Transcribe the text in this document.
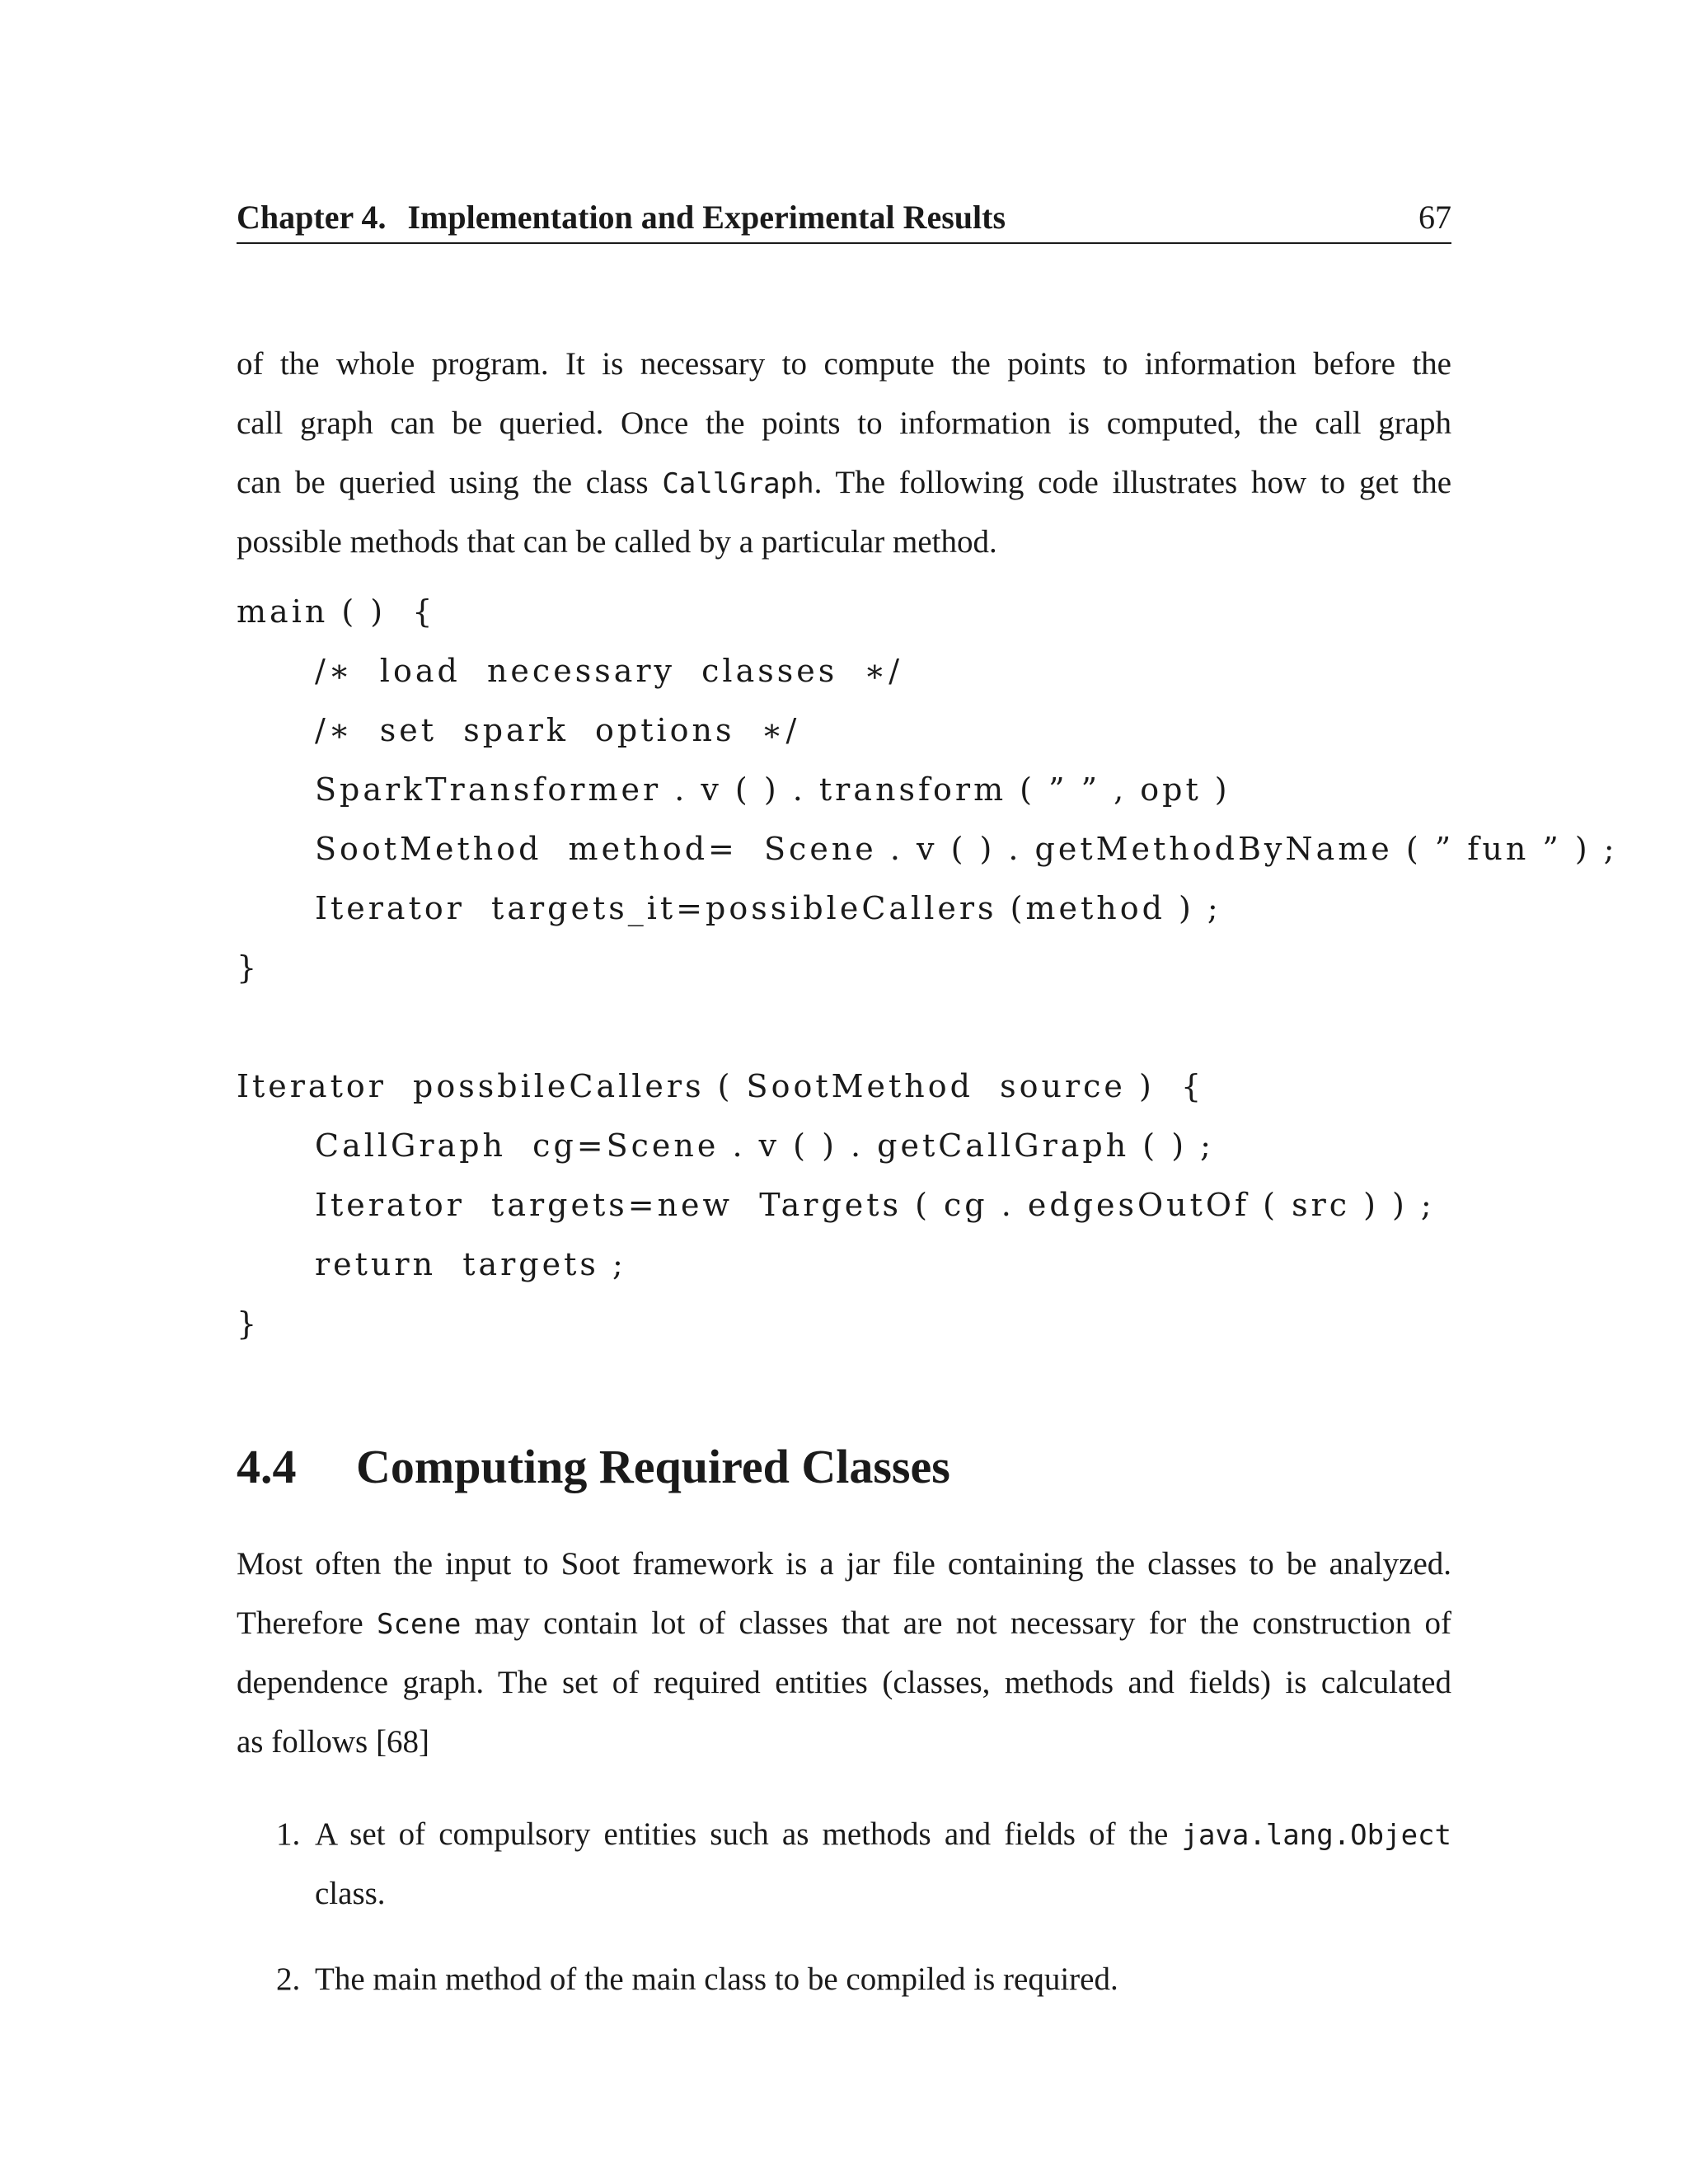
Chapter 4. Implementation and Experimental Results	67
of the whole program. It is necessary to compute the points to information before the
call graph can be queried. Once the points to information is computed, the call graph
can be queried using the class CallGraph. The following code illustrates how to get the
possible methods that can be called by a particular method.
main ( )  {
/∗  load  necessary  classes  ∗/
/∗  set  spark  options  ∗/
SparkTransformer . v ( ) . transform ( ” ” , opt )
SootMethod  method=  Scene . v ( ) . getMethodByName ( ” fun ” ) ;
Iterator  targets_it=possibleCallers (method ) ;
}
Iterator  possbileCallers ( SootMethod  source )  {
CallGraph  cg=Scene . v ( ) . getCallGraph ( ) ;
Iterator  targets=new  Targets ( cg . edgesOutOf ( src ) ) ;
return  targets ;
}
4.4 Computing Required Classes
Most often the input to Soot framework is a jar file containing the classes to be analyzed.
Therefore Scene may contain lot of classes that are not necessary for the construction of
dependence graph. The set of required entities (classes, methods and fields) is calculated
as follows [68]
1. A set of compulsory entities such as methods and fields of the java.lang.Object
class.
2. The main method of the main class to be compiled is required.
